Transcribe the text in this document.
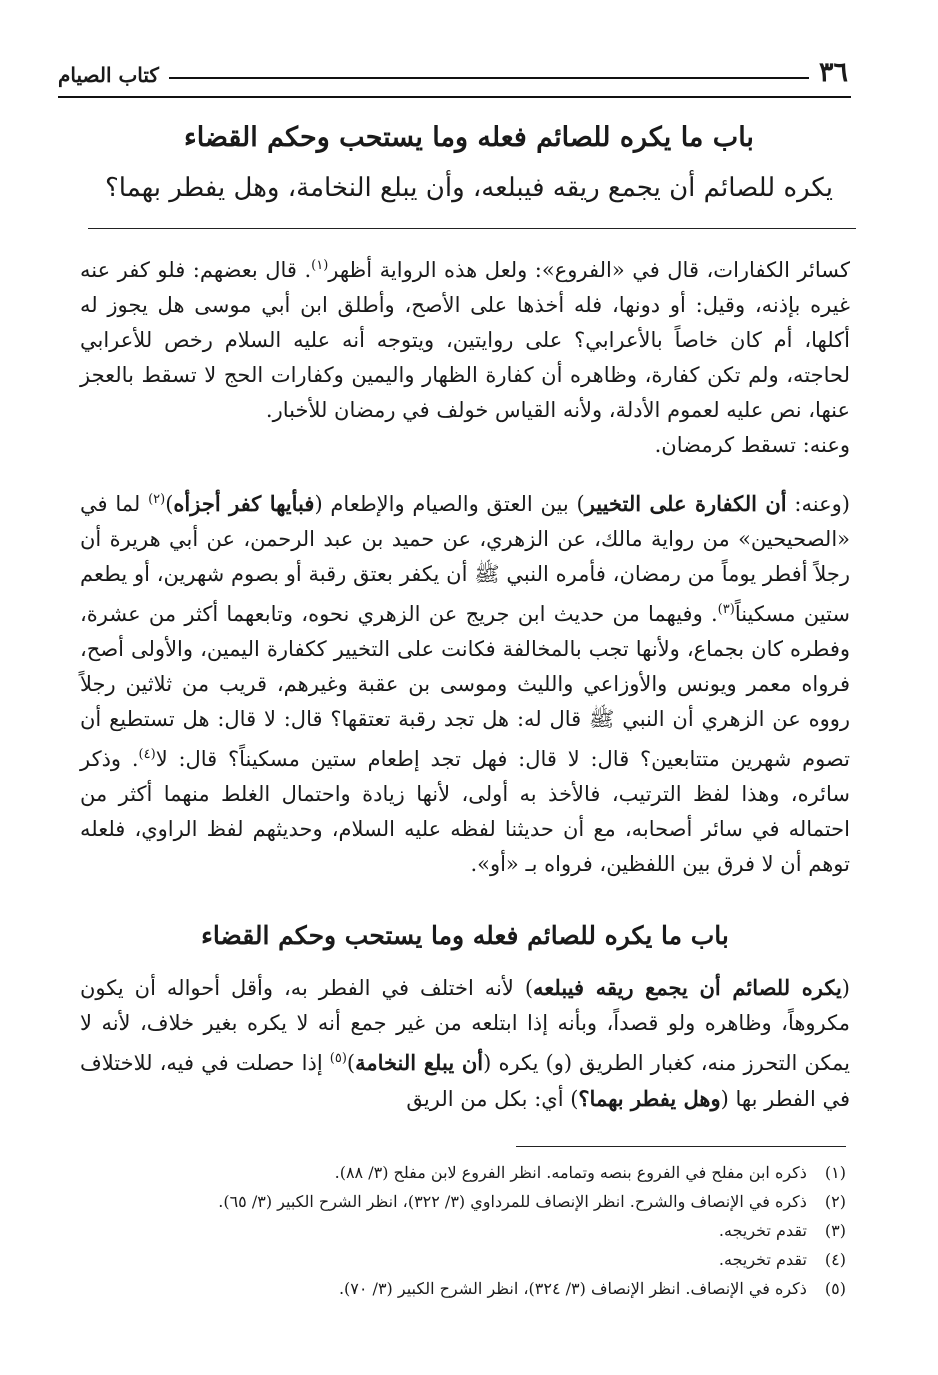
٣٦
كتاب الصيام
باب ما يكره للصائم فعله وما يستحب وحكم القضاء
يكره للصائم أن يجمع ريقه فيبلعه، وأن يبلع النخامة، وهل يفطر بهما؟

كسائر الكفارات، قال في «الفروع»: ولعل هذه الرواية أظهر$^{(١)}$. قال بعضهم: فلو كفر عنه غيره بإذنه، وقيل: أو دونها، فله أخذها على الأصح، وأطلق ابن أبي موسى هل يجوز له أكلها، أم كان خاصاً بالأعرابي؟ على روايتين، ويتوجه أنه عليه السلام رخص للأعرابي لحاجته، ولم تكن كفارة، وظاهره أن كفارة الظهار واليمين وكفارات الحج لا تسقط بالعجز عنها، نص عليه لعموم الأدلة، ولأنه القياس خولف في رمضان للأخبار.

وعنه: تسقط كرمضان.

(وعنه: أن الكفارة على التخيير) بين العتق والصيام والإطعام (فبأيها كفر أجزأه)$^{(٢)}$ لما في «الصحيحين» من رواية مالك، عن الزهري، عن حميد بن عبد الرحمن، عن أبي هريرة أن رجلاً أفطر يوماً من رمضان، فأمره النبي ﷺ أن يكفر بعتق رقبة أو بصوم شهرين، أو يطعم ستين مسكيناً$^{(٣)}$. وفيهما من حديث ابن جريج عن الزهري نحوه، وتابعهما أكثر من عشرة، وفطره كان بجماع، ولأنها تجب بالمخالفة فكانت على التخيير ككفارة اليمين، والأولى أصح، فرواه معمر ويونس والأوزاعي والليث وموسى بن عقبة وغيرهم، قريب من ثلاثين رجلاً رووه عن الزهري أن النبي ﷺ قال له: هل تجد رقبة تعتقها؟ قال: لا قال: هل تستطيع أن تصوم شهرين متتابعين؟ قال: لا قال: فهل تجد إطعام ستين مسكيناً؟ قال: لا$^{(٤)}$. وذكر سائره، وهذا لفظ الترتيب، فالأخذ به أولى، لأنها زيادة واحتمال الغلط منهما أكثر من احتماله في سائر أصحابه، مع أن حديثنا لفظه عليه السلام، وحديثهم لفظ الراوي، فلعله توهم أن لا فرق بين اللفظين، فرواه بـ «أو».

باب ما يكره للصائم فعله وما يستحب وحكم القضاء

(يكره للصائم أن يجمع ريقه فيبلعه) لأنه اختلف في الفطر به، وأقل أحواله أن يكون مكروهاً، وظاهره ولو قصداً، وبأنه إذا ابتلعه من غير جمع أنه لا يكره بغير خلاف، لأنه لا يمكن التحرز منه، كغبار الطريق (و) يكره (أن يبلع النخامة)$^{(٥)}$ إذا حصلت في فيه، للاختلاف في الفطر بها (وهل يفطر بهما؟) أي: بكل من الريق

(١)ذكره ابن مفلح في الفروع بنصه وتمامه. انظر الفروع لابن مفلح (٣/ ٨٨).
(٢)ذكره في الإنصاف والشرح. انظر الإنصاف للمرداوي (٣/ ٣٢٢)، انظر الشرح الكبير (٣/ ٦٥).
(٣)تقدم تخريجه.
(٤)تقدم تخريجه.
(٥)ذكره في الإنصاف. انظر الإنصاف (٣/ ٣٢٤)، انظر الشرح الكبير (٣/ ٧٠).
